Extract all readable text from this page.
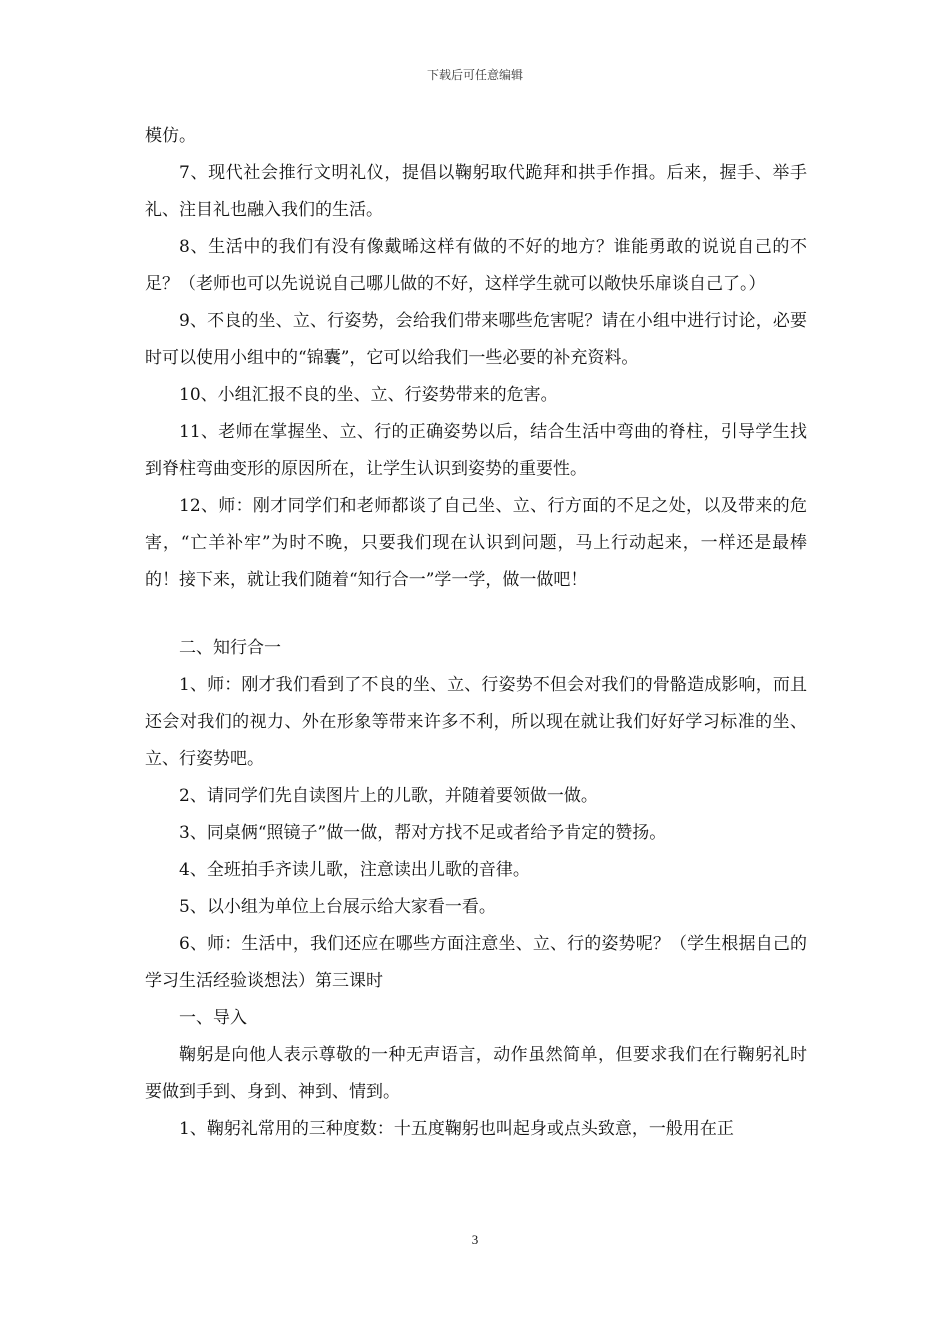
下载后可任意编辑

模仿。

7、现代社会推行文明礼仪，提倡以鞠躬取代跪拜和拱手作揖。后来，握手、举手礼、注目礼也融入我们的生活。

8、生活中的我们有没有像戴晞这样有做的不好的地方？谁能勇敢的说说自己的不足？（老师也可以先说说自己哪儿做的不好，这样学生就可以敞快乐扉谈自己了。）

9、不良的坐、立、行姿势，会给我们带来哪些危害呢？请在小组中进行讨论，必要时可以使用小组中的“锦囊”，它可以给我们一些必要的补充资料。

10、小组汇报不良的坐、立、行姿势带来的危害。

11、老师在掌握坐、立、行的正确姿势以后，结合生活中弯曲的脊柱，引导学生找到脊柱弯曲变形的原因所在，让学生认识到姿势的重要性。

12、师：刚才同学们和老师都谈了自己坐、立、行方面的不足之处，以及带来的危害，“亡羊补牢”为时不晚，只要我们现在认识到问题，马上行动起来，一样还是最棒的！接下来，就让我们随着“知行合一”学一学，做一做吧！

二、知行合一

1、师：刚才我们看到了不良的坐、立、行姿势不但会对我们的骨骼造成影响，而且还会对我们的视力、外在形象等带来许多不利，所以现在就让我们好好学习标准的坐、立、行姿势吧。

2、请同学们先自读图片上的儿歌，并随着要领做一做。

3、同桌俩“照镜子”做一做，帮对方找不足或者给予肯定的赞扬。

4、全班拍手齐读儿歌，注意读出儿歌的音律。

5、以小组为单位上台展示给大家看一看。

6、师：生活中，我们还应在哪些方面注意坐、立、行的姿势呢？（学生根据自己的学习生活经验谈想法）第三课时

一、导入

鞠躬是向他人表示尊敬的一种无声语言，动作虽然简单，但要求我们在行鞠躬礼时要做到手到、身到、神到、情到。

1、鞠躬礼常用的三种度数：十五度鞠躬也叫起身或点头致意，一般用在正

3
